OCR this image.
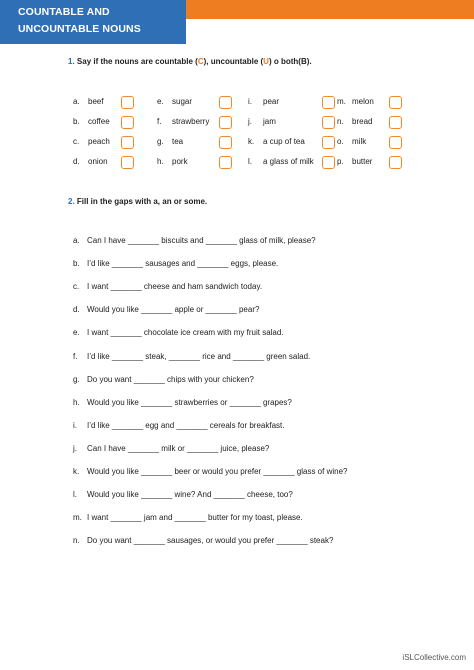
COUNTABLE AND
UNCOUNTABLE NOUNS
1. Say if the nouns are countable (C), uncountable (U) o both(B).
a.	beef
b.	coffee
c.	peach
d.	onion
e.	sugar
f.	strawberry
g.	tea
h.	pork
i.	pear
j.	jam
k.	a cup of tea
l.	a glass of milk
m. melon
n.	bread
o.	milk
p.	butter
2. Fill in the gaps with a, an or some.
a. Can I have _______ biscuits and _______ glass of milk, please?
b. I’d like _______ sausages and _______ eggs, please.
c. I want _______ cheese and ham sandwich today.
d. Would you like _______ apple or _______ pear?
e. I want _______ chocolate ice cream with my fruit salad.
f. I’d like _______ steak, _______ rice and _______ green salad.
g. Do you want _______ chips with your chicken?
h. Would you like _______ strawberries or _______ grapes?
i. I’d like _______ egg and _______ cereals for breakfast.
j. Can I have _______ milk or _______ juice, please?
k. Would you like _______ beer or would you prefer _______ glass of wine?
l. Would you like _______ wine? And _______ cheese, too?
m. I want _______ jam and _______ butter for my toast, please.
n. Do you want _______ sausages, or would you prefer _______ steak?
iSLCollective.com
